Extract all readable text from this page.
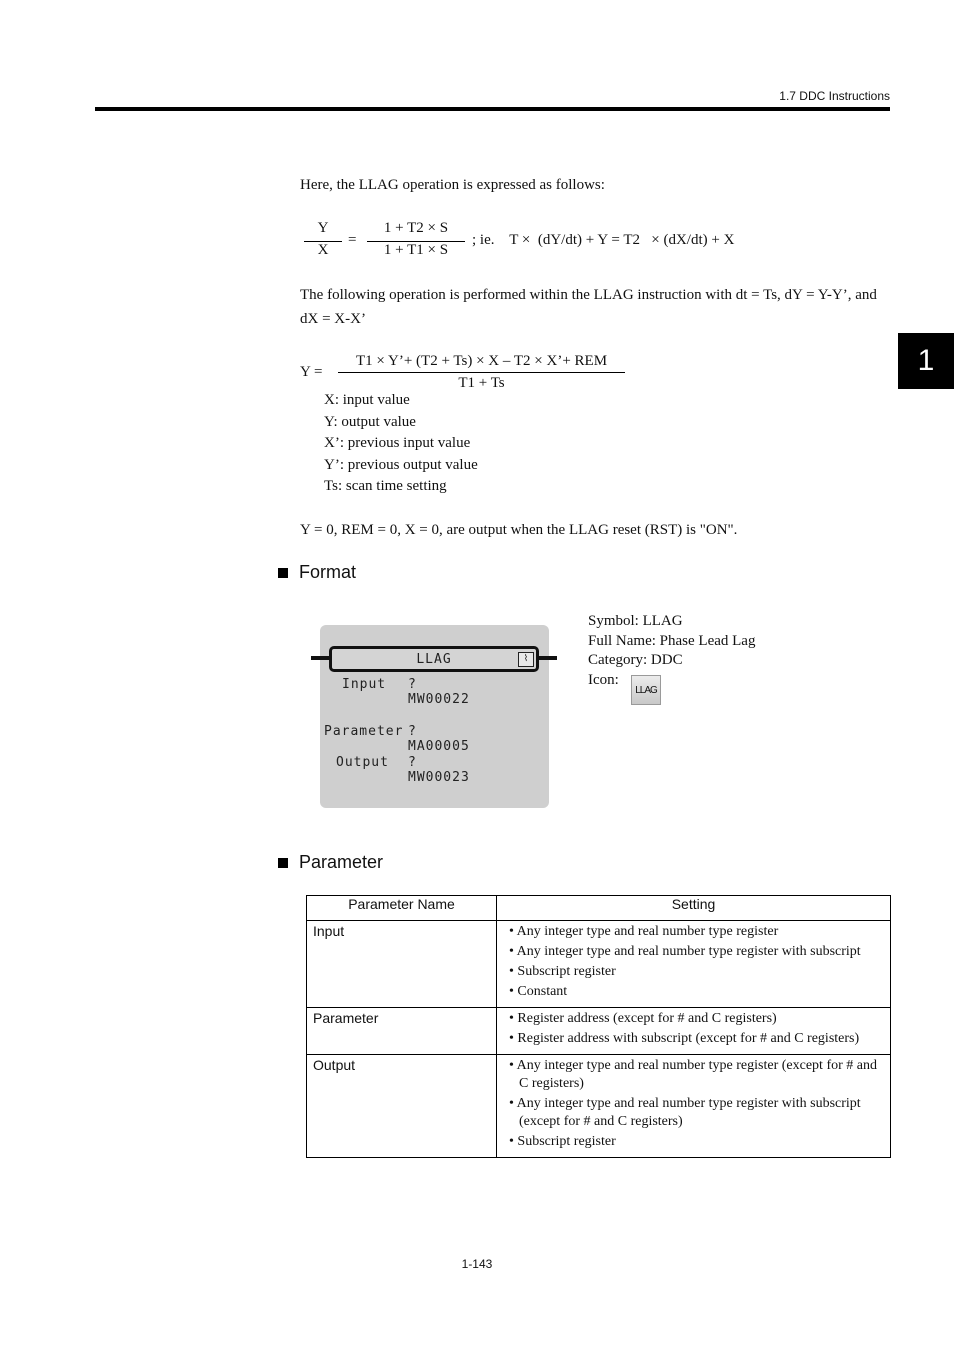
1.7 DDC Instructions
1
Here, the LLAG operation is expressed as follows:
Y
X
=
1 + T2 × S
1 + T1 × S
; ie.    T ×  (dY/dt) + Y = T2   × (dX/dt) + X
The following operation is performed within the LLAG instruction with dt = Ts, dY = Y-Y’, and dX = X-X’
Y =
T1 × Y’+ (T2 + Ts) × X – T2 × X’+ REM
T1 + Ts
X: input value
Y: output value
X’: previous input value
Y’: previous output value
Ts: scan time setting
Y = 0, REM = 0, X = 0, are output when the LLAG reset (RST) is "ON".
Format
LLAG	⌇
Input ?
MW00022
Parameter ?
MA00005
Output ?
MW00023
Symbol: LLAG
Full Name: Phase Lead Lag
Category: DDC
Icon:
LLAG
Parameter
Parameter Name	Setting
Input	• Any integer type and real number type register
• Any integer type and real number type register with subscript
• Subscript register
• Constant

Parameter	• Register address (except for # and C registers)
• Register address with subscript (except for # and C registers)

Output	• Any integer type and real number type register (except for # and C registers)
• Any integer type and real number type register with subscript (except for # and C registers)
• Subscript register
1-143
